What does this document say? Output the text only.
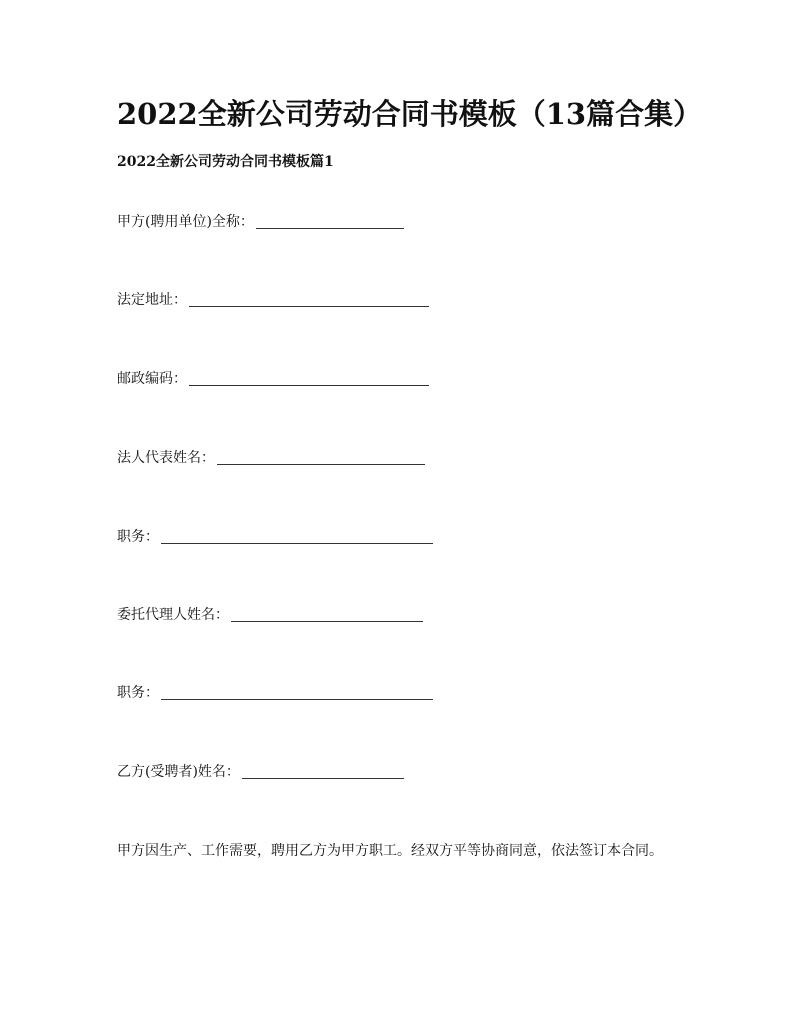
2022全新公司劳动合同书模板（13篇合集）
2022全新公司劳动合同书模板篇1
甲方(聘用单位)全称：
法定地址：
邮政编码：
法人代表姓名：
职务：
委托代理人姓名：
职务：
乙方(受聘者)姓名：

甲方因生产、工作需要，聘用乙方为甲方职工。经双方平等协商同意，依法签订本合同。
